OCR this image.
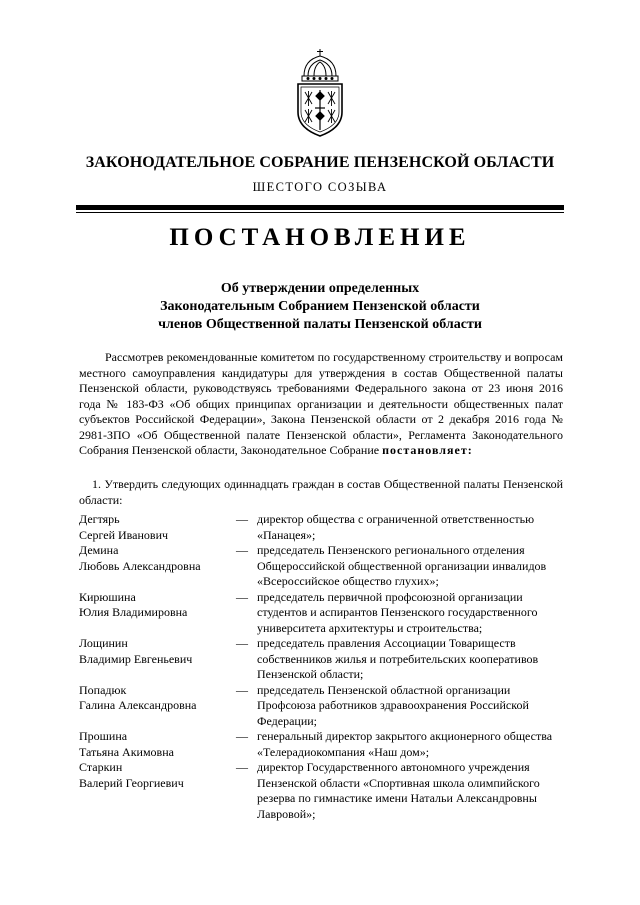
ЗАКОНОДАТЕЛЬНОЕ СОБРАНИЕ ПЕНЗЕНСКОЙ ОБЛАСТИ
ШЕСТОГО СОЗЫВА
ПОСТАНОВЛЕНИЕ
Об утверждении определенных
Законодательным Собранием Пензенской области
членов Общественной палаты Пензенской области
Рассмотрев рекомендованные комитетом по государственному строительству и вопросам местного самоуправления кандидатуры для утверждения в состав Общественной палаты Пензенской области, руководствуясь требованиями Федерального закона от 23 июня 2016 года № 183-ФЗ «Об общих принципах организации и деятельности общественных палат субъектов Российской Федерации», Закона Пензенской области от 2 декабря 2016 года № 2981-ЗПО «Об Общественной палате Пензенской области», Регламента Законодательного Собрания Пензенской области, Законодательное Собрание постановляет:
1. Утвердить следующих одиннадцать граждан в состав Общественной палаты Пензенской области:
Дегтярь
Сергей Иванович
— директор общества с ограниченной ответственностью «Панацея»;
Демина
Любовь Александровна
— председатель Пензенского регионального отделения Общероссийской общественной организации инвалидов «Всероссийское общество глухих»;
Кирюшина
Юлия Владимировна
— председатель первичной профсоюзной организации студентов и аспирантов Пензенского государственного университета архитектуры и строительства;
Лощинин
Владимир Евгеньевич
— председатель правления Ассоциации Товариществ собственников жилья и потребительских кооперативов Пензенской области;
Попадюк
Галина Александровна
— председатель Пензенской областной организации Профсоюза работников здравоохранения Российской Федерации;
Прошина
Татьяна Акимовна
— генеральный директор закрытого акционерного общества «Телерадиокомпания «Наш дом»;
Старкин
Валерий Георгиевич
— директор Государственного автономного учреждения Пензенской области «Спортивная школа олимпийского резерва по гимнастике имени Натальи Александровны Лавровой»;
